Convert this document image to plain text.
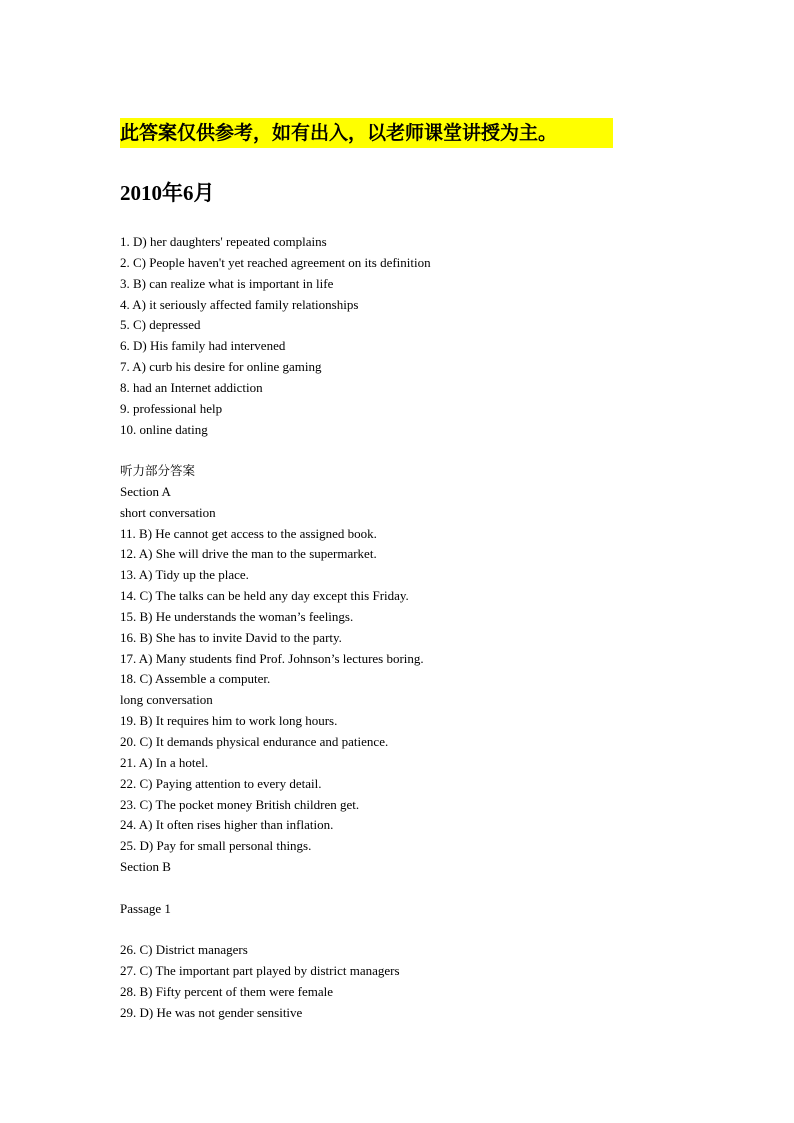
此答案仅供参考，如有出入，以老师课堂讲授为主。
2010年6月
1. D) her daughters' repeated complains
2. C) People haven't yet reached agreement on its definition
3. B) can realize what is important in life
4. A) it seriously affected family relationships
5. C) depressed
6. D) His family had intervened
7. A) curb his desire for online gaming
8. had an Internet addiction
9. professional help
10. online dating
听力部分答案
Section A
short conversation
11. B) He cannot get access to the assigned book.
12. A) She will drive the man to the supermarket.
13. A) Tidy up the place.
14. C) The talks can be held any day except this Friday.
15. B) He understands the woman’s feelings.
16. B) She has to invite David to the party.
17. A) Many students find Prof. Johnson’s lectures boring.
18. C) Assemble a computer.
long conversation
19. B) It requires him to work long hours.
20. C) It demands physical endurance and patience.
21. A) In a hotel.
22. C) Paying attention to every detail.
23. C) The pocket money British children get.
24. A) It often rises higher than inflation.
25. D) Pay for small personal things.
Section B
Passage 1
26. C) District managers
27. C) The important part played by district managers
28. B) Fifty percent of them were female
29. D) He was not gender sensitive
